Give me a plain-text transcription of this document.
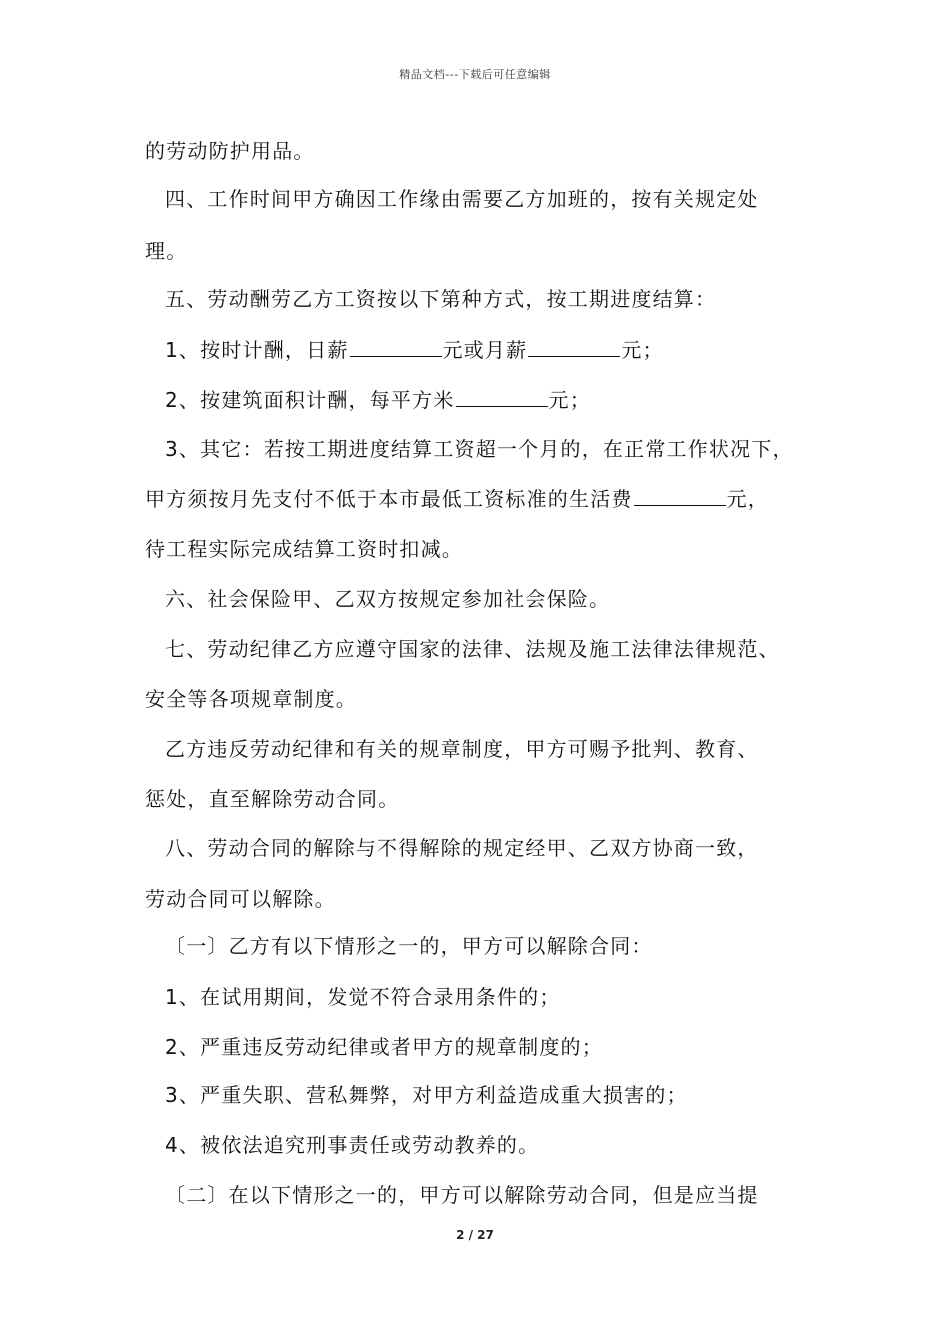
精品文档---下载后可任意编辑
的劳动防护用品。
四、工作时间甲方确因工作缘由需要乙方加班的，按有关规定处
理。
五、劳动酬劳乙方工资按以下第种方式，按工期进度结算：
1、按时计酬，日薪	元或月薪	元；
2、按建筑面积计酬，每平方米	元；
3、其它：若按工期进度结算工资超一个月的，在正常工作状况下，
甲方须按月先支付不低于本市最低工资标准的生活费	元，
待工程实际完成结算工资时扣减。
六、社会保险甲、乙双方按规定参加社会保险。
七、劳动纪律乙方应遵守国家的法律、法规及施工法律法律规范、
安全等各项规章制度。
乙方违反劳动纪律和有关的规章制度，甲方可赐予批判、教育、
惩处，直至解除劳动合同。
八、劳动合同的解除与不得解除的规定经甲、乙双方协商一致，
劳动合同可以解除。
〔一〕乙方有以下情形之一的，甲方可以解除合同：
1、在试用期间，发觉不符合录用条件的；
2、严重违反劳动纪律或者甲方的规章制度的；
3、严重失职、营私舞弊，对甲方利益造成重大损害的；
4、被依法追究刑事责任或劳动教养的。
〔二〕在以下情形之一的，甲方可以解除劳动合同，但是应当提
2 / 27
